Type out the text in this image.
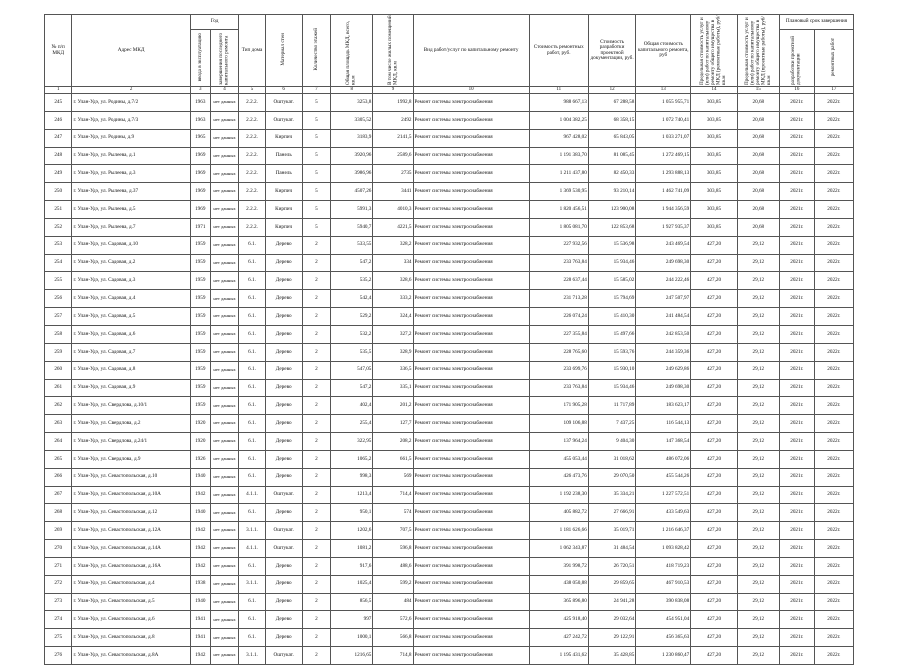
№ п/п МКД	Адрес МКД	Год		Тип дома	Материал стен	Количество этажей	Общая площадь МКД, всего, кв.м	В том числе жилых помещений МКД, кв.м	Вид работ/услуг по капитальному ремонту	Стоимость ремонтных работ, руб.	Стоимость разработки проектной документации, руб.	Общая стоимость капитального ремонта, руб	Предельная стоимость услуг и (или) работ по капитальному ремонту общего имущества в МКД (ремонтные работы), руб/кв.м	Предельная стоимость услуг и (или) работ по капитальному ремонту общего имущества в МКД (проектные работы), руб/кв.м	Плановый срок завершения	
															разработки проектной документации	ремонтных работ
		ввода в эксплуатацию	завершения последнего капитального ремонта													
1	2	3	4	5	6	7	8	9	10	11	12	13	14	15	16	17
245	г. Улан-Удэ, ул. Родины, д.7/2	1963	нет данных	2.2.2.	Оштукат.	5	3253,8	1992,8	Ремонт системы электроснабжения	988 667,13	67 288,58	1 055 955,71	303,85	20,68	2021г.	2022г.
246	г. Улан-Удэ, ул. Родины, д.7/3	1963	нет данных	2.2.2.	Оштукат.	5	3305,52	2492	Ремонт системы электроснабжения	1 004 382,25	68 358,15	1 072 740,41	303,85	20,68	2021г.	2022г.
247	г. Улан-Удэ, ул. Родины, д.9	1965	нет данных	2.2.2.	Кирпич	5	3183,9	2141,5	Ремонт системы электроснабжения	967 428,02	65 843,05	1 033 271,07	303,85	20,68	2021г.	2022г.
248	г. Улан-Удэ, ул. Рылеева, д.1	1969	нет данных	2.2.2.	Панель	5	3920,96	2589,6	Ремонт системы электроснабжения	1 191 383,70	81 085,45	1 272 469,15	303,85	20,68	2021г.	2022г.
249	г. Улан-Удэ, ул. Рылеева, д.3	1969	нет данных	2.2.2.	Панель	5	3986,96	2735	Ремонт системы электроснабжения	1 211 437,80	82 450,33	1 293 888,13	303,85	20,68	2021г.	2022г.
250	г. Улан-Удэ, ул. Рылеева, д.37	1969	нет данных	2.2.2.	Кирпич	5	4507,26	3441	Ремонт системы электроснабжения	1 369 530,95	93 210,14	1 462 741,09	303,85	20,68	2021г.	2022г.
251	г. Улан-Удэ, ул. Рылеева, д.5	1969	нет данных	2.2.2.	Кирпич	5	5991,3	4010,3	Ремонт системы электроснабжения	1 820 456,51	123 900,08	1 944 356,59	303,85	20,68	2021г.	2022г.
252	г. Улан-Удэ, ул. Рылеева, д.7	1971	нет данных	2.2.2.	Кирпич	5	5940,7	4221,5	Ремонт системы электроснабжения	1 805 081,70	122 853,68	1 927 935,37	303,85	20,68	2021г.	2022г.
253	г. Улан-Удэ, ул. Садовая, д.10	1959	нет данных	6.1.	Дерево	2	533,55	328,2	Ремонт системы электроснабжения	227 932,56	15 536,98	243 469,54	427,20	29,12	2021г.	2022г.
254	г. Улан-Удэ, ул. Садовая, д.2	1959	нет данных	6.1.	Дерево	2	547,2	334	Ремонт системы электроснабжения	233 763,84	15 934,46	249 698,30	427,20	29,12	2021г.	2022г.
255	г. Улан-Удэ, ул. Садовая, д.3	1959	нет данных	6.1.	Дерево	2	535,2	328,6	Ремонт системы электроснабжения	228 637,44	15 585,02	244 222,46	427,20	29,12	2021г.	2022г.
256	г. Улан-Удэ, ул. Садовая, д.4	1959	нет данных	6.1.	Дерево	2	542,4	333,2	Ремонт системы электроснабжения	231 713,28	15 794,69	247 507,97	427,20	29,12	2021г.	2022г.
257	г. Улан-Удэ, ул. Садовая, д.5	1959	нет данных	6.1.	Дерево	2	529,2	324,4	Ремонт системы электроснабжения	226 074,24	15 410,30	241 484,54	427,20	29,12	2021г.	2022г.
258	г. Улан-Удэ, ул. Садовая, д.6	1959	нет данных	6.1.	Дерево	2	532,2	327,2	Ремонт системы электроснабжения	227 355,84	15 497,66	242 853,50	427,20	29,12	2021г.	2022г.
259	г. Улан-Удэ, ул. Садовая, д.7	1959	нет данных	6.1.	Дерево	2	535,5	328,9	Ремонт системы электроснабжения	228 765,60	15 593,76	244 359,36	427,20	29,12	2021г.	2022г.
260	г. Улан-Удэ, ул. Садовая, д.8	1959	нет данных	6.1.	Дерево	2	547,05	336,5	Ремонт системы электроснабжения	233 699,76	15 930,10	249 629,86	427,20	29,12	2021г.	2022г.
261	г. Улан-Удэ, ул. Садовая, д.9	1959	нет данных	6.1.	Дерево	2	547,2	335,1	Ремонт системы электроснабжения	233 763,84	15 934,46	249 698,30	427,20	29,12	2021г.	2022г.
262	г. Улан-Удэ, ул. Свердлова, д.10/1	1959	нет данных	6.1.	Дерево	2	402,4	201,2	Ремонт системы электроснабжения	171 905,28	11 717,89	183 623,17	427,20	29,12	2021г.	2022г.
263	г. Улан-Удэ, ул. Свердлова, д.2	1920	нет данных	6.1.	Дерево	2	255,4	127,7	Ремонт системы электроснабжения	109 106,88	7 437,25	116 544,13	427,20	29,12	2021г.	2022г.
264	г. Улан-Удэ, ул. Свердлова, д.24/1	1920	нет данных	6.1.	Дерево	2	322,95	208,2	Ремонт системы электроснабжения	137 964,24	9 404,30	147 368,54	427,20	29,12	2021г.	2022г.
265	г. Улан-Удэ, ул. Свердлова, д.9	1926	нет данных	6.1.	Дерево	2	1065,2	661,5	Ремонт системы электроснабжения	455 053,44	31 018,62	486 072,06	427,20	29,12	2021г.	2022г.
266	г. Улан-Удэ, ул. Севастопольская, д.10	1940	нет данных	6.1.	Дерево	2	998,3	569	Ремонт системы электроснабжения	426 473,76	29 070,50	455 544,26	427,20	29,12	2021г.	2022г.
267	г. Улан-Удэ, ул. Севастопольская, д.10А	1942	нет данных	4.1.1.	Оштукат.	2	1213,4	714,4	Ремонт системы электроснабжения	1 192 238,30	35 334,21	1 227 572,51	427,20	29,12	2021г.	2022г.
268	г. Улан-Удэ, ул. Севастопольская, д.12	1940	нет данных	6.1.	Дерево	2	950,1	574	Ремонт системы электроснабжения	405 882,72	27 666,91	433 549,63	427,20	29,12	2021г.	2022г.
269	г. Улан-Удэ, ул. Севастопольская, д.12А	1942	нет данных	3.1.1.	Оштукат.	2	1202,6	707,5	Ремонт системы электроснабжения	1 181 626,66	35 019,71	1 216 646,37	427,20	29,12	2021г.	2022г.
270	г. Улан-Удэ, ул. Севастопольская, д.14А	1942	нет данных	4.1.1.	Оштукат.	2	1081,2	596,8	Ремонт системы электроснабжения	1 062 343,87	31 484,54	1 093 828,42	427,20	29,12	2021г.	2022г.
271	г. Улан-Удэ, ул. Севастопольская, д.16А	1942	нет данных	6.1.	Дерево	2	917,6	488,6	Ремонт системы электроснабжения	391 998,72	26 720,51	418 719,23	427,20	29,12	2021г.	2022г.
272	г. Улан-Удэ, ул. Севастопольская, д.4	1938	нет данных	3.1.1.	Дерево	2	1025,4	599,2	Ремонт системы электроснабжения	438 050,88	29 859,65	467 910,53	427,20	29,12	2021г.	2022г.
273	г. Улан-Удэ, ул. Севастопольская, д.5	1940	нет данных	6.1.	Дерево	2	856,5	484	Ремонт системы электроснабжения	365 896,80	24 941,28	390 838,08	427,20	29,12	2021г.	2022г.
274	г. Улан-Удэ, ул. Севастопольская, д.6	1941	нет данных	6.1.	Дерево	2	997	572,6	Ремонт системы электроснабжения	425 918,40	29 032,64	454 951,04	427,20	29,12	2021г.	2022г.
275	г. Улан-Удэ, ул. Севастопольская, д.8	1941	нет данных	6.1.	Дерево	2	1000,1	566,8	Ремонт системы электроснабжения	427 242,72	29 122,91	456 365,63	427,20	29,12	2021г.	2022г.
276	г. Улан-Удэ, ул. Севастопольская, д.8А	1942	нет данных	3.1.1.	Оштукат.	2	1216,65	714,8	Ремонт системы электроснабжения	1 195 431,62	35 428,85	1 230 860,47	427,20	29,12	2021г.	2022г.
